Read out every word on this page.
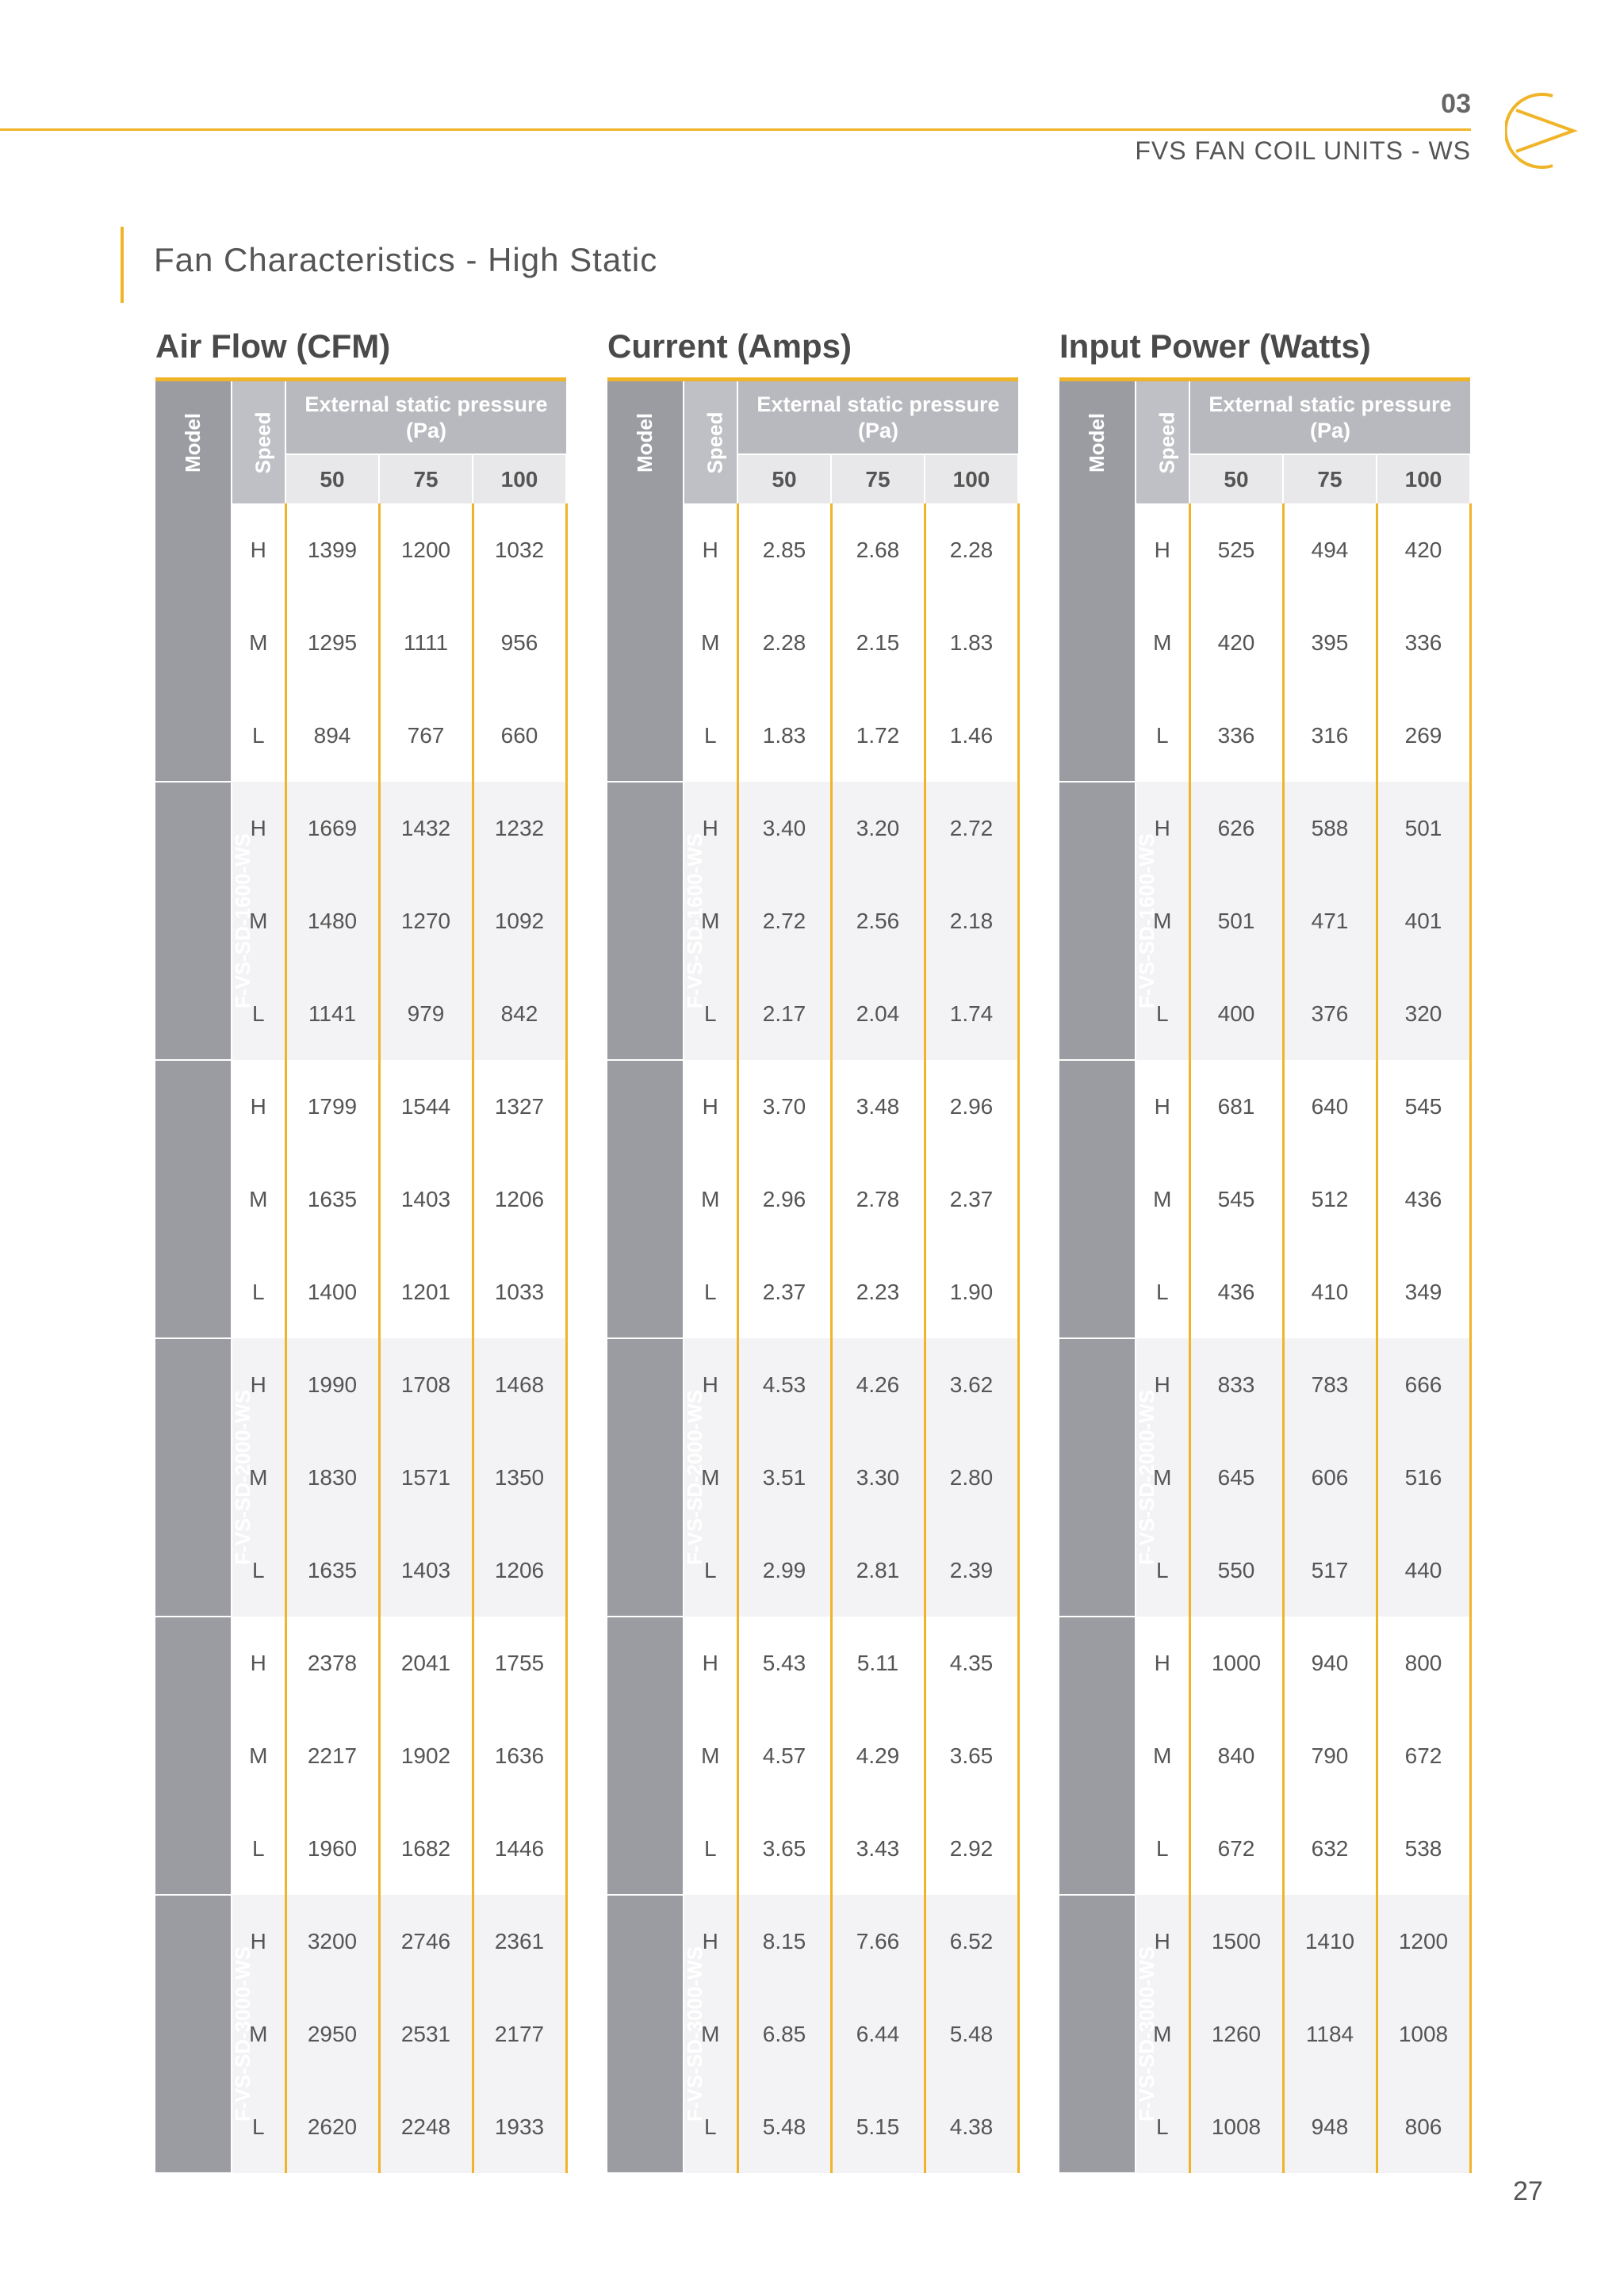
03
FVS FAN COIL UNITS - WS
Fan Characteristics - High Static
Air Flow (CFM)
Model	Speed	External static pressure (Pa)		
		50	75	100
F-VS-SD-1400-WS	H	1399	1200	1032
	M	1295	1111	956
	L	894	767	660
F-VS-SD-1600-WS	H	1669	1432	1232
	M	1480	1270	1092
	L	1141	979	842
F-VS-SD-1800-WS	H	1799	1544	1327
	M	1635	1403	1206
	L	1400	1201	1033
F-VS-SD-2000-WS	H	1990	1708	1468
	M	1830	1571	1350
	L	1635	1403	1206
F-VS-SD-2400-WS	H	2378	2041	1755
	M	2217	1902	1636
	L	1960	1682	1446
F-VS-SD-3000-WS	H	3200	2746	2361
	M	2950	2531	2177
	L	2620	2248	1933
Current (Amps)
Model	Speed	External static pressure (Pa)		
		50	75	100
F-VS-SD-1400-WS	H	2.85	2.68	2.28
	M	2.28	2.15	1.83
	L	1.83	1.72	1.46
F-VS-SD-1600-WS	H	3.40	3.20	2.72
	M	2.72	2.56	2.18
	L	2.17	2.04	1.74
F-VS-SD-1800-WS	H	3.70	3.48	2.96
	M	2.96	2.78	2.37
	L	2.37	2.23	1.90
F-VS-SD-2000-WS	H	4.53	4.26	3.62
	M	3.51	3.30	2.80
	L	2.99	2.81	2.39
F-VS-SD-2400-WS	H	5.43	5.11	4.35
	M	4.57	4.29	3.65
	L	3.65	3.43	2.92
F-VS-SD-3000-WS	H	8.15	7.66	6.52
	M	6.85	6.44	5.48
	L	5.48	5.15	4.38
Input Power (Watts)
Model	Speed	External static pressure (Pa)		
		50	75	100
F-VS-SD-1400-WS	H	525	494	420
	M	420	395	336
	L	336	316	269
F-VS-SD-1600-WS	H	626	588	501
	M	501	471	401
	L	400	376	320
F-VS-SD-1800-WS	H	681	640	545
	M	545	512	436
	L	436	410	349
F-VS-SD-2000-WS	H	833	783	666
	M	645	606	516
	L	550	517	440
F-VS-SD-2400-WS	H	1000	940	800
	M	840	790	672
	L	672	632	538
F-VS-SD-3000-WS	H	1500	1410	1200
	M	1260	1184	1008
	L	1008	948	806
27
